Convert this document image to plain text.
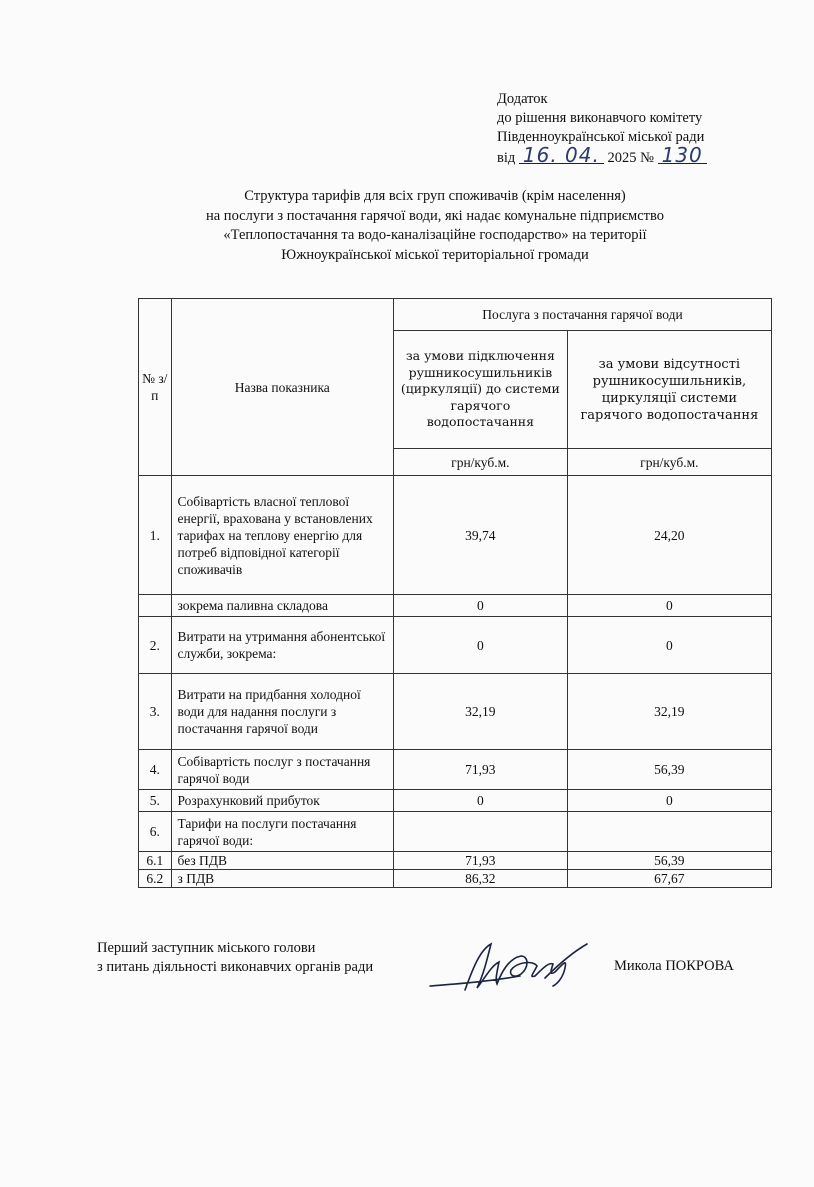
Додаток
до рішення виконавчого комітету
Південноукраїнської міської ради
від 16. 04. 2025 № 130
Структура тарифів для всіх груп споживачів (крім населення)
на послуги з постачання гарячої води, які надає комунальне підприємство
«Теплопостачання та водо-каналізаційне господарство» на території
Южноукраїнської міської територіальної громади
№ з/п	Назва показника	Послуга з постачання гарячої води	
		за умови підключення рушникосушильників (циркуляції) до системи гарячого водопостачання	за умови відсутності рушникосушильників, циркуляції системи гарячого водопостачання
		грн/куб.м.	грн/куб.м.
1.	Собівартість власної теплової енергії, врахована у встановлених тарифах на теплову енергію для потреб відповідної категорії споживачів	39,74	24,20
	зокрема паливна складова	0	0
2.	Витрати на утримання абонентської служби, зокрема:	0	0
3.	Витрати на придбання холодної води для надання послуги з постачання гарячої води	32,19	32,19
4.	Собівартість послуг з постачання гарячої води	71,93	56,39
5.	Розрахунковий прибуток	0	0
6.	Тарифи на послуги постачання гарячої води:		
6.1	без ПДВ	71,93	56,39
6.2	з ПДВ	86,32	67,67
Перший заступник міського голови
з питань діяльності виконавчих органів ради	Микола ПОКРОВА
